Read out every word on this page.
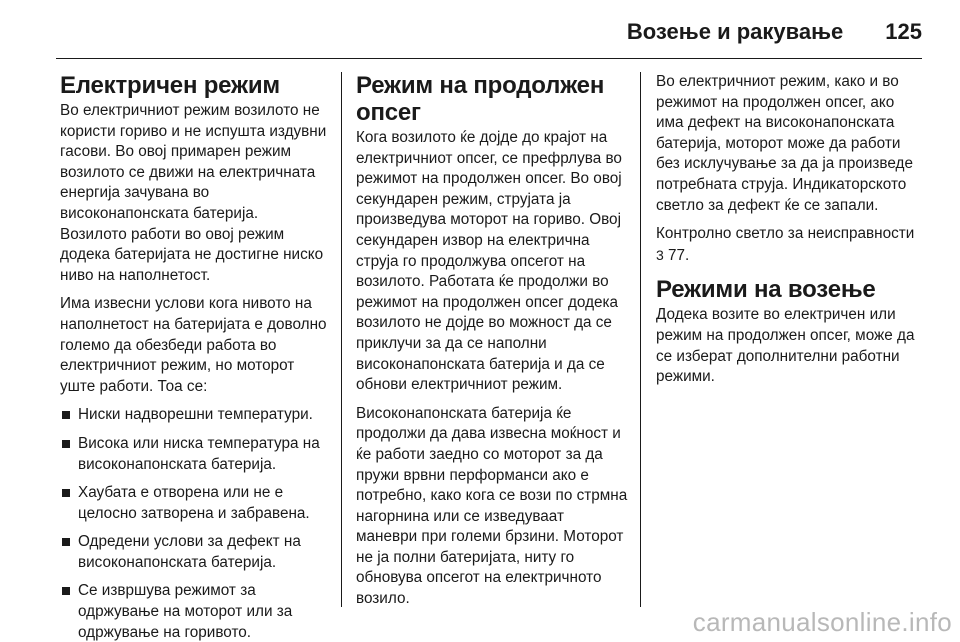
Возење и ракување 125
Електричен режим

Во електричниот режим возилото не користи гориво и не испушта издувни гасови. Во овој примарен режим возилото се движи на електричната енергија зачувана во високонапонската батерија. Возилото работи во овој режим додека батеријата не достигне ниско ниво на наполнетост.

Има извесни услови кога нивото на наполнетост на батеријата е доволно големо да обезбеди работа во електричниот режим, но моторот уште работи. Тоа се:

Ниски надворешни температури.
Висока или ниска температура на високонапонската батерија.
Хаубата е отворена или не е целосно затворена и забравена.
Одредени услови за дефект на високонапонската батерија.
Се извршува режимот за одржување на моторот или за одржување на горивото.
Режим на продолжен опсег

Кога возилото ќе дојде до крајот на електричниот опсег, се префрлува во режимот на продолжен опсег. Во овој секундарен режим, струјата ја произведува моторот на гориво. Овој секундарен извор на електрична струја го продолжува опсегот на возилото. Работата ќе продолжи во режимот на продолжен опсег додека возилото не дојде во можност да се приклучи за да се наполни високонапонската батерија и да се обнови електричниот режим.

Високонапонската батерија ќе продолжи да дава извесна моќност и ќе работи заедно со моторот за да пружи врвни перформанси ако е потребно, како кога се вози по стрмна нагорнина или се изведуваат маневри при големи брзини. Моторот не ја полни батеријата, ниту го обновува опсегот на електричното возило.

Во електричниот режим, како и во режимот на продолжен опсег, ако има дефект на високонапонската батерија, моторот може да работи без исклучување за да ја произведе потребната струја. Индикаторското светло за дефект ќе се запали.

Контролно светло за неисправности 3 77.

Режими на возење

Додека возите во електричен или режим на продолжен опсег, може да се изберат дополнителни работни режими.

carmanualsonline.info
